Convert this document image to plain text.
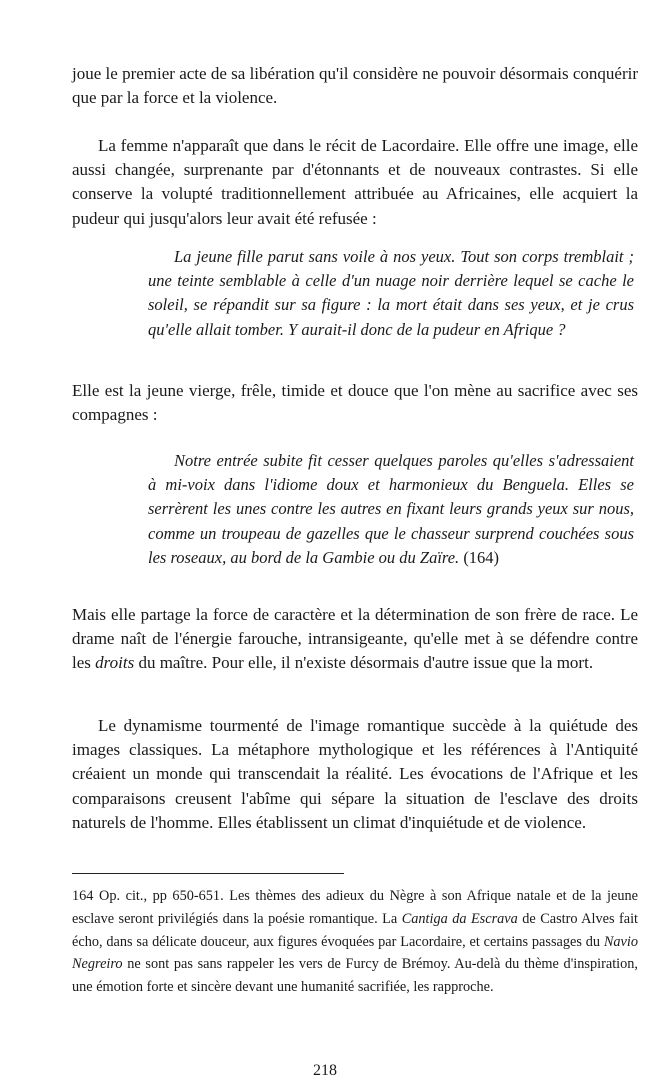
joue le premier acte de sa libération qu'il considère ne pouvoir désormais conquérir que par la force et la violence.

La femme n'apparaît que dans le récit de Lacordaire. Elle offre une image, elle aussi changée, surprenante par d'étonnants et de nouveaux contrastes. Si elle conserve la volupté traditionnellement attribuée au Africaines, elle acquiert la pudeur qui jusqu'alors leur avait été refusée :

La jeune fille parut sans voile à nos yeux. Tout son corps tremblait ; une teinte semblable à celle d'un nuage noir derrière lequel se cache le soleil, se répandit sur sa figure : la mort était dans ses yeux, et je crus qu'elle allait tomber. Y aurait-il donc de la pudeur en Afrique ?

Elle est la jeune vierge, frêle, timide et douce que l'on mène au sacrifice avec ses compagnes :

Notre entrée subite fit cesser quelques paroles qu'elles s'adressaient à mi-voix dans l'idiome doux et harmonieux du Benguela. Elles se serrèrent les unes contre les autres en fixant leurs grands yeux sur nous, comme un troupeau de gazelles que le chasseur surprend couchées sous les roseaux, au bord de la Gambie ou du Zaïre. (164)

Mais elle partage la force de caractère et la détermination de son frère de race. Le drame naît de l'énergie farouche, intransigeante, qu'elle met à se défendre contre les droits du maître. Pour elle, il n'existe désormais d'autre issue que la mort.

Le dynamisme tourmenté de l'image romantique succède à la quiétude des images classiques. La métaphore mythologique et les références à l'Antiquité créaient un monde qui transcendait la réalité. Les évocations de l'Afrique et les comparaisons creusent l'abîme qui sépare la situation de l'esclave des droits naturels de l'homme. Elles établissent un climat d'inquiétude et de violence.

164 Op. cit., pp 650-651. Les thèmes des adieux du Nègre à son Afrique natale et de la jeune esclave seront privilégiés dans la poésie romantique. La Cantiga da Escrava de Castro Alves fait écho, dans sa délicate douceur, aux figures évoquées par Lacordaire, et certains passages du Navio Negreiro ne sont pas sans rappeler les vers de Furcy de Brémoy. Au-delà du thème d'inspiration, une émotion forte et sincère devant une humanité sacrifiée, les rapproche.

218
